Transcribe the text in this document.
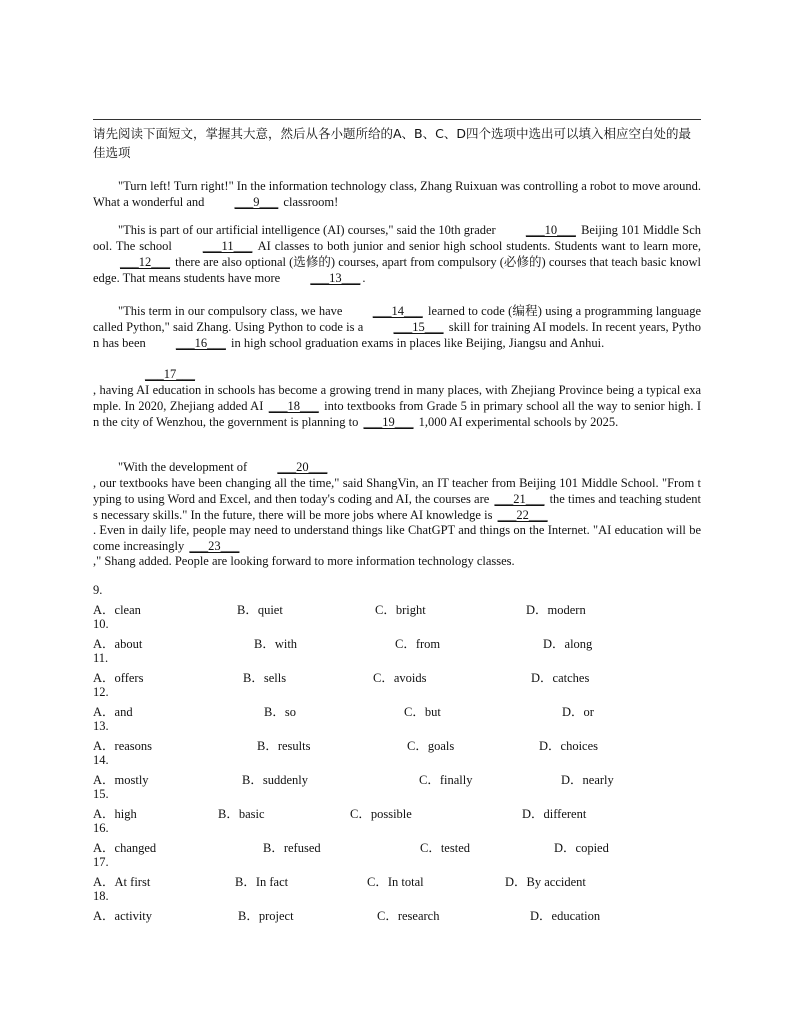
请先阅读下面短文，掌握其大意，然后从各小题所给的A、B、C、D四个选项中选出可以填入相应空白处的最佳选项
"Turn left! Turn right!" In the information technology class, Zhang Ruixuan was controlling a robot to move around. What a wonderful and ___9___ classroom!
"This is part of our artificial intelligence (AI) courses," said the 10th grader ___10___ Beijing 101 Middle School. The school ___11___ AI classes to both junior and senior high school students. Students want to learn more, ___12___ there are also optional (选修的) courses, apart from compulsory (必修的) courses that teach basic knowledge. That means students have more ___13___ .
"This term in our compulsory class, we have ___14___ learned to code (编程) using a programming language called Python," said Zhang. Using Python to code is a ___15___ skill for training AI models. In recent years, Python has been ___16___ in high school graduation exams in places like Beijing, Jiangsu and Anhui.
___17___
, having AI education in schools has become a growing trend in many places, with Zhejiang Province being a typical example. In 2020, Zhejiang added AI ___18___ into textbooks from Grade 5 in primary school all the way to senior high. In the city of Wenzhou, the government is planning to ___19___ 1,000 AI experimental schools by 2025.
"With the development of ___20___
, our textbooks have been changing all the time," said ShangVin, an IT teacher from Beijing 101 Middle School. "From typing to using Word and Excel, and then today's coding and AI, the courses are ___21___ the times and teaching students necessary skills." In the future, there will be more jobs where AI knowledge is ___22___
. Even in daily life, people may need to understand things like ChatGPT and things on the Internet. "AI education will become increasingly ___23___
," Shang added. People are looking forward to more information technology classes.
9.
A．clean	B．quiet	C．bright	D．modern
10.
A．about	B．with	C．from	D．along
11.
A．offers	B．sells	C．avoids	D．catches
12.
A．and	B．so	C．but	D．or
13.
A．reasons	B．results	C．goals	D．choices
14.
A．mostly	B．suddenly	C．finally	D．nearly
15.
A．high	B．basic	C．possible	D．different
16.
A．changed	B．refused	C．tested	D．copied
17.
A．At first	B．In fact	C．In total	D．By accident
18.
A．activity	B．project	C．research	D．education
